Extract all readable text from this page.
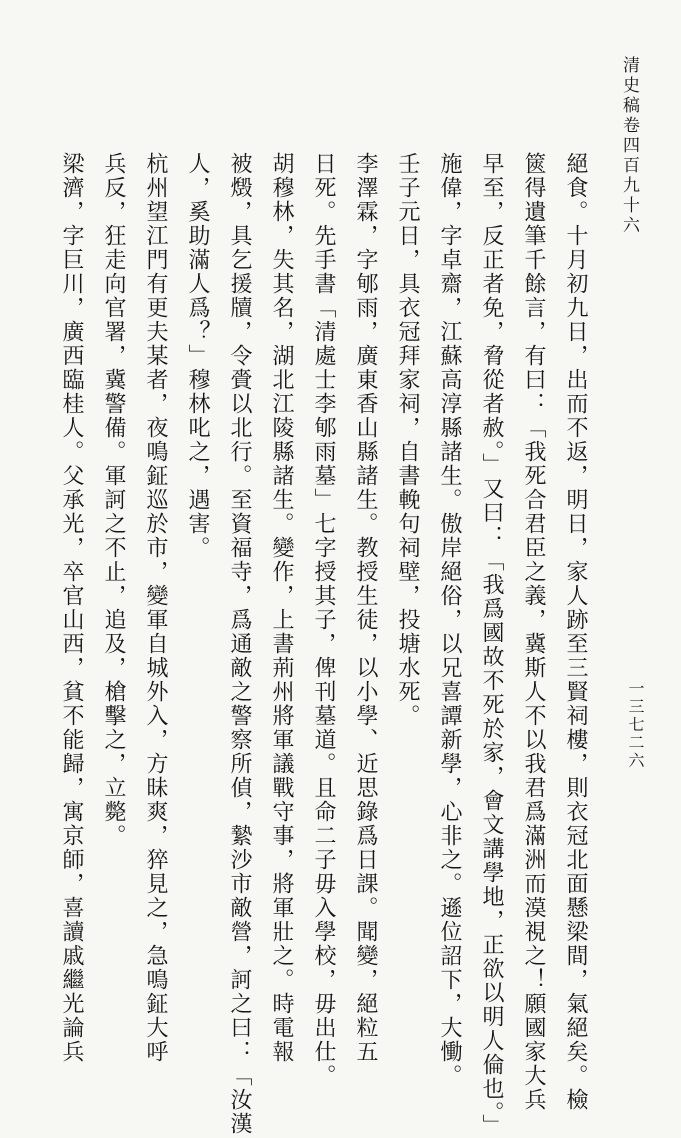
清史稿卷四百九十六
一三七二六
絕食。十月初九日，出而不返，明日，家人跡至三賢祠樓，則衣冠北面懸梁間，氣絕矣。檢
篋得遺筆千餘言，有曰：「我死合君臣之義，冀斯人不以我君爲滿洲而漠視之！願國家大兵
早至，反正者免，脅從者赦。」又曰：「我爲國故不死於家，會文講學地，正欲以明人倫也。」
施偉，字卓齋，江蘇高淳縣諸生。傲岸絕俗，以兄喜譚新學，心非之。遜位詔下，大慟。
壬子元日，具衣冠拜家祠，自書輓句祠壁，投塘水死。
李澤霖，字郇雨，廣東香山縣諸生。教授生徒，以小學、近思錄爲日課。聞變，絕粒五
日死。先手書「清處士李郇雨墓」七字授其子，俾刊墓道。且命二子毋入學校，毋出仕。
胡穆林，失其名，湖北江陵縣諸生。變作，上書荊州將軍議戰守事，將軍壯之。時電報
被燬，具乞援牘，令賫以北行。至資福寺，爲通敵之警察所偵，縶沙市敵營，訶之曰：「汝漢
人，奚助滿人爲？」穆林叱之，遇害。
杭州望江門有更夫某者，夜鳴鉦巡於市，變軍自城外入，方昧爽，猝見之，急鳴鉦大呼
兵反，狂走向官署，冀警備。軍訶之不止，追及，槍擊之，立斃。
梁濟，字巨川，廣西臨桂人。父承光，卒官山西，貧不能歸，寓京師，喜讀戚繼光論兵
